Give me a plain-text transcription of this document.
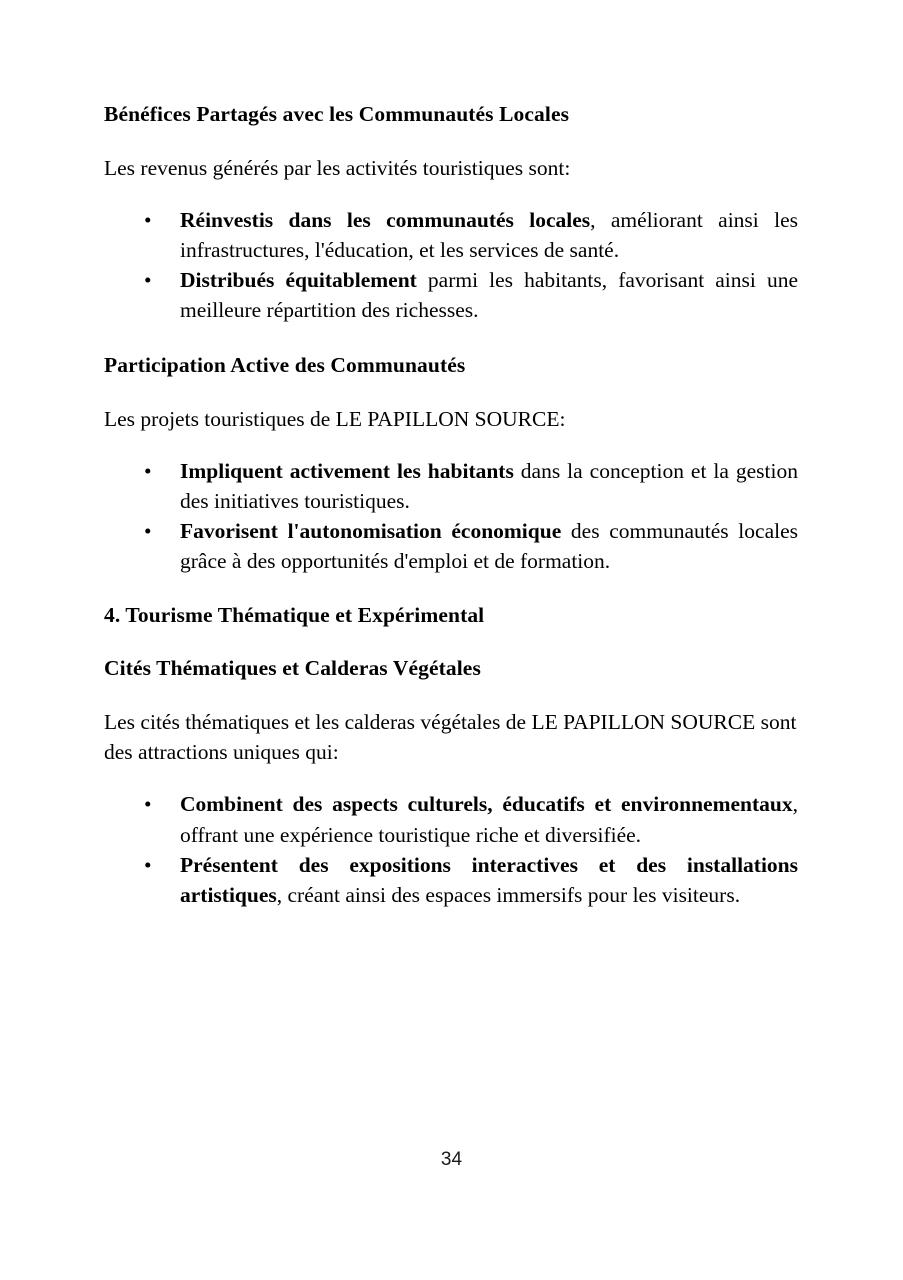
Bénéfices Partagés avec les Communautés Locales

Les revenus générés par les activités touristiques sont:

• Réinvestis dans les communautés locales, améliorant ainsi les infrastructures, l'éducation, et les services de santé.
• Distribués équitablement parmi les habitants, favorisant ainsi une meilleure répartition des richesses.
Participation Active des Communautés

Les projets touristiques de LE PAPILLON SOURCE:

• Impliquent activement les habitants dans la conception et la gestion des initiatives touristiques.
• Favorisent l'autonomisation économique des communautés locales grâce à des opportunités d'emploi et de formation.
4. Tourisme Thématique et Expérimental
Cités Thématiques et Calderas Végétales

Les cités thématiques et les calderas végétales de LE PAPILLON SOURCE sont des attractions uniques qui:

• Combinent des aspects culturels, éducatifs et environnementaux, offrant une expérience touristique riche et diversifiée.
• Présentent des expositions interactives et des installations artistiques, créant ainsi des espaces immersifs pour les visiteurs.
34
